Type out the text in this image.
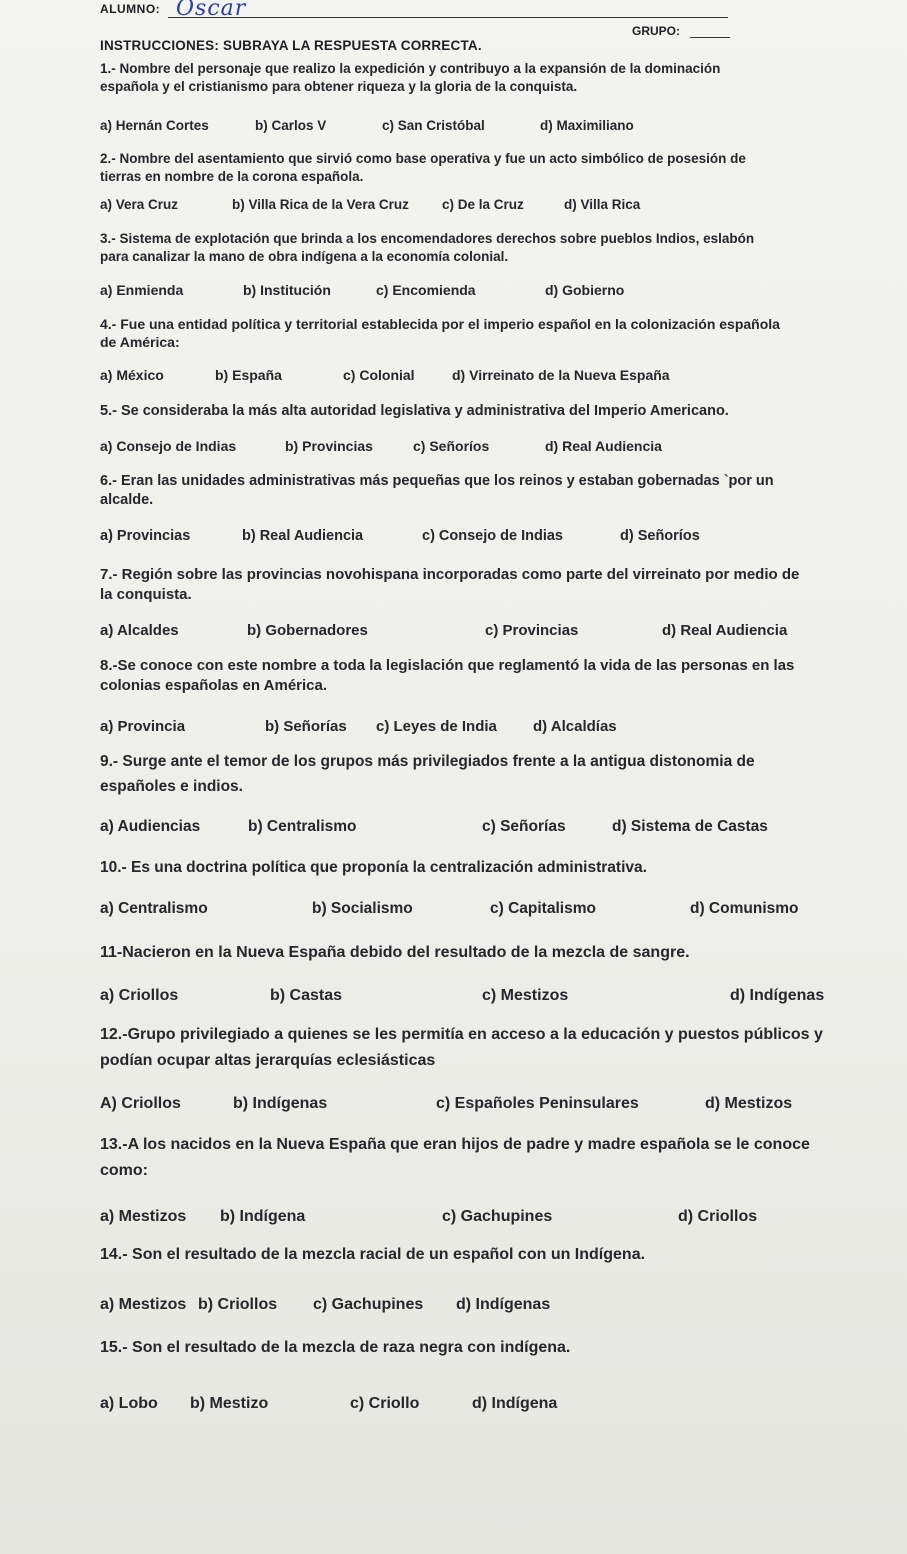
ALUMNO: Oscar
GRUPO:
INSTRUCCIONES: SUBRAYA LA RESPUESTA CORRECTA.
1.- Nombre del personaje que realizo la expedición y contribuyo a la expansión de la dominación española y el cristianismo para obtener riqueza y la gloria de la conquista.
a) Hernán Cortes	b) Carlos V	c) San Cristóbal	d) Maximiliano
2.- Nombre del asentamiento que sirvió como base operativa y fue un acto simbólico de posesión de tierras en nombre de la corona española.
a) Vera Cruz	b) Villa Rica de la Vera Cruz c) De la Cruz	d) Villa Rica
3.- Sistema de explotación que brinda a los encomendadores derechos sobre pueblos Indios, eslabón para canalizar la mano de obra indígena a la economía colonial.
a) Enmienda	b) Institución	c) Encomienda	d) Gobierno
4.- Fue una entidad política y territorial establecida por el imperio español en la colonización española de América:
a) México	b) España	c) Colonial	d) Virreinato de la Nueva España
5.- Se consideraba la más alta autoridad legislativa y administrativa del Imperio Americano.
a) Consejo de Indias	b) Provincias	c) Señoríos	d) Real Audiencia
6.- Eran las unidades administrativas más pequeñas que los reinos y estaban gobernadas `por un alcalde.
a) Provincias	b) Real Audiencia	c) Consejo de Indias	d) Señoríos
7.- Región sobre las provincias novohispana incorporadas como parte del virreinato por medio de la conquista.
a) Alcaldes	b) Gobernadores	c) Provincias	d) Real Audiencia
8.-Se conoce con este nombre a toda la legislación que reglamentó la vida de las personas en las colonias españolas en América.
a) Provincia	b) Señorías c) Leyes de India d) Alcaldías
9.- Surge ante el temor de los grupos más privilegiados frente a la antigua distonomia de españoles e indios.
a) Audiencias	b) Centralismo	c) Señorías	d) Sistema de Castas
10.- Es una doctrina política que proponía la centralización administrativa.
a) Centralismo	b) Socialismo	c) Capitalismo	d) Comunismo
11-Nacieron en la Nueva España debido del resultado de la mezcla de sangre.
a) Criollos	b) Castas	c) Mestizos	d) Indígenas
12.-Grupo privilegiado a quienes se les permitía en acceso a la educación y puestos públicos y podían ocupar altas jerarquías eclesiásticas
A) Criollos	b) Indígenas	c) Españoles Peninsulares	d) Mestizos
13.-A los nacidos en la Nueva España que eran hijos de padre y madre española se le conoce como:
a) Mestizos b) Indígena	c) Gachupines	d) Criollos
14.- Son el resultado de la mezcla racial de un español con un Indígena.
a) Mestizos b) Criollos c) Gachupines d) Indígenas
15.- Son el resultado de la mezcla de raza negra con indígena.
a) Lobo b) Mestizo	c) Criollo	d) Indígena
